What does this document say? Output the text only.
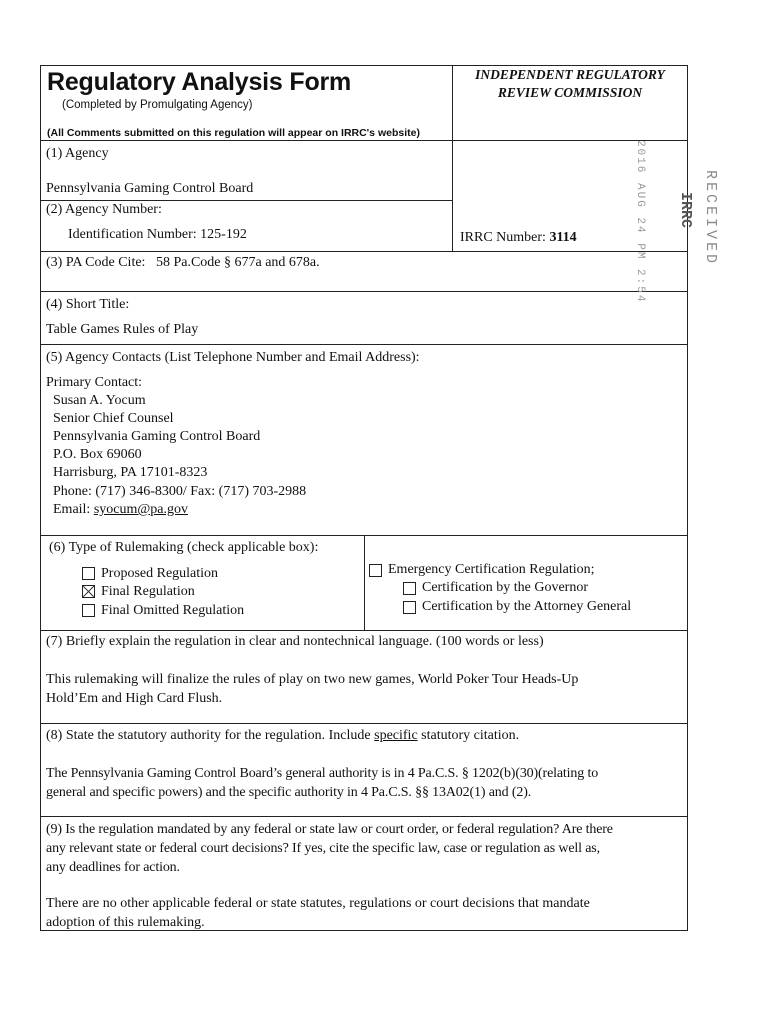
Regulatory Analysis Form
(Completed by Promulgating Agency)
(All Comments submitted on this regulation will appear on IRRC's website)
INDEPENDENT REGULATORY
REVIEW COMMISSION
(1) Agency
Pennsylvania Gaming Control Board
(2) Agency Number:
Identification Number: 125-192	IRRC Number: 3114
(3) PA Code Cite: 58 Pa.Code § 677a and 678a.
(4) Short Title:
Table Games Rules of Play
(5) Agency Contacts (List Telephone Number and Email Address):
Primary Contact:
Susan A. Yocum
Senior Chief Counsel
Pennsylvania Gaming Control Board
P.O. Box 69060
Harrisburg, PA 17101-8323
Phone: (717) 346-8300/ Fax: (717) 703-2988
Email: syocum@pa.gov
(6) Type of Rulemaking (check applicable box):
Proposed Regulation
Final Regulation
Final Omitted Regulation
Emergency Certification Regulation;
Certification by the Governor
Certification by the Attorney General
(7) Briefly explain the regulation in clear and nontechnical language. (100 words or less)
This rulemaking will finalize the rules of play on two new games, World Poker Tour Heads-Up
Hold’Em and High Card Flush.
(8) State the statutory authority for the regulation. Include specific statutory citation.
The Pennsylvania Gaming Control Board’s general authority is in 4 Pa.C.S. § 1202(b)(30)(relating to
general and specific powers) and the specific authority in 4 Pa.C.S. §§ 13A02(1) and (2).
(9) Is the regulation mandated by any federal or state law or court order, or federal regulation? Are there
any relevant state or federal court decisions? If yes, cite the specific law, case or regulation as well as,
any deadlines for action.
There are no other applicable federal or state statutes, regulations or court decisions that mandate
adoption of this rulemaking.
RECEIVED
IRRC
2016 AUG 24 PM 2:54
